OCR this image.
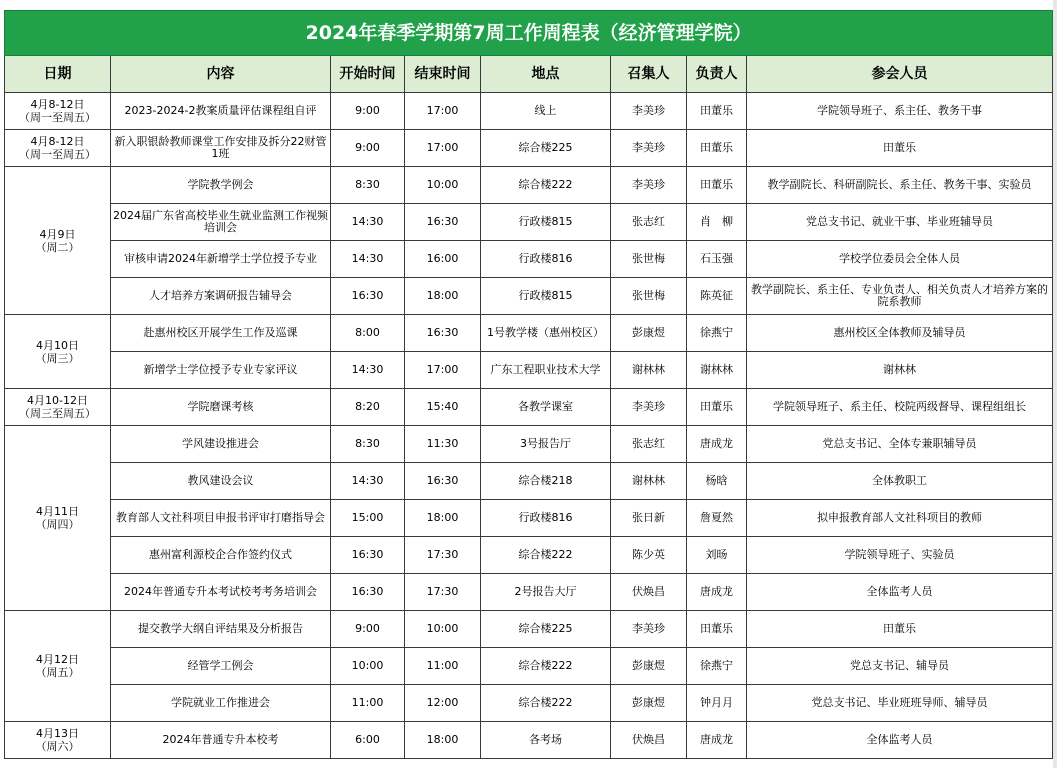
2024年春季学期第7周工作周程表（经济管理学院）							
日期	内容	开始时间	结束时间	地点	召集人	负责人	参会人员
4月8-12日
（周一至周五）	2023-2024-2教案质量评估课程组自评	9:00	17:00	线上	李美珍	田董乐	学院领导班子、系主任、教务干事
4月8-12日
（周一至周五）	新入职银龄教师课堂工作安排及拆分22财管1班	9:00	17:00	综合楼225	李美珍	田董乐	田董乐
4月9日
（周二）	学院教学例会	8:30	10:00	综合楼222	李美珍	田董乐	教学副院长、科研副院长、系主任、教务干事、实验员
	2024届广东省高校毕业生就业监测工作视频培训会	14:30	16:30	行政楼815	张志红	肖　柳	党总支书记、就业干事、毕业班辅导员
	审核申请2024年新增学士学位授予专业	14:30	16:00	行政楼816	张世梅	石玉强	学校学位委员会全体人员
	人才培养方案调研报告辅导会	16:30	18:00	行政楼815	张世梅	陈英征	教学副院长、系主任、专业负责人、相关负责人才培养方案的院系教师
4月10日
（周三）	赴惠州校区开展学生工作及巡课	8:00	16:30	1号教学楼（惠州校区）	彭康煜	徐燕宁	惠州校区全体教师及辅导员
	新增学士学位授予专业专家评议	14:30	17:00	广东工程职业技术大学	谢林林	谢林林	谢林林
4月10-12日
（周三至周五）	学院磨课考核	8:20	15:40	各教学课室	李美珍	田董乐	学院领导班子、系主任、校院两级督导、课程组组长
4月11日
（周四）	学风建设推进会	8:30	11:30	3号报告厅	张志红	唐成龙	党总支书记、全体专兼职辅导员
	教风建设会议	14:30	16:30	综合楼218	谢林林	杨晗	全体教职工
	教育部人文社科项目申报书评审打磨指导会	15:00	18:00	行政楼816	张日新	詹夏然	拟申报教育部人文社科项目的教师
	惠州富利源校企合作签约仪式	16:30	17:30	综合楼222	陈少英	刘旸	学院领导班子、实验员
	2024年普通专升本考试校考考务培训会	16:30	17:30	2号报告大厅	伏焕昌	唐成龙	全体监考人员
4月12日
（周五）	提交教学大纲自评结果及分析报告	9:00	10:00	综合楼225	李美珍	田董乐	田董乐
	经管学工例会	10:00	11:00	综合楼222	彭康煜	徐燕宁	党总支书记、辅导员
	学院就业工作推进会	11:00	12:00	综合楼222	彭康煜	钟月月	党总支书记、毕业班班导师、辅导员
4月13日
（周六）	2024年普通专升本校考	6:00	18:00	各考场	伏焕昌	唐成龙	全体监考人员
